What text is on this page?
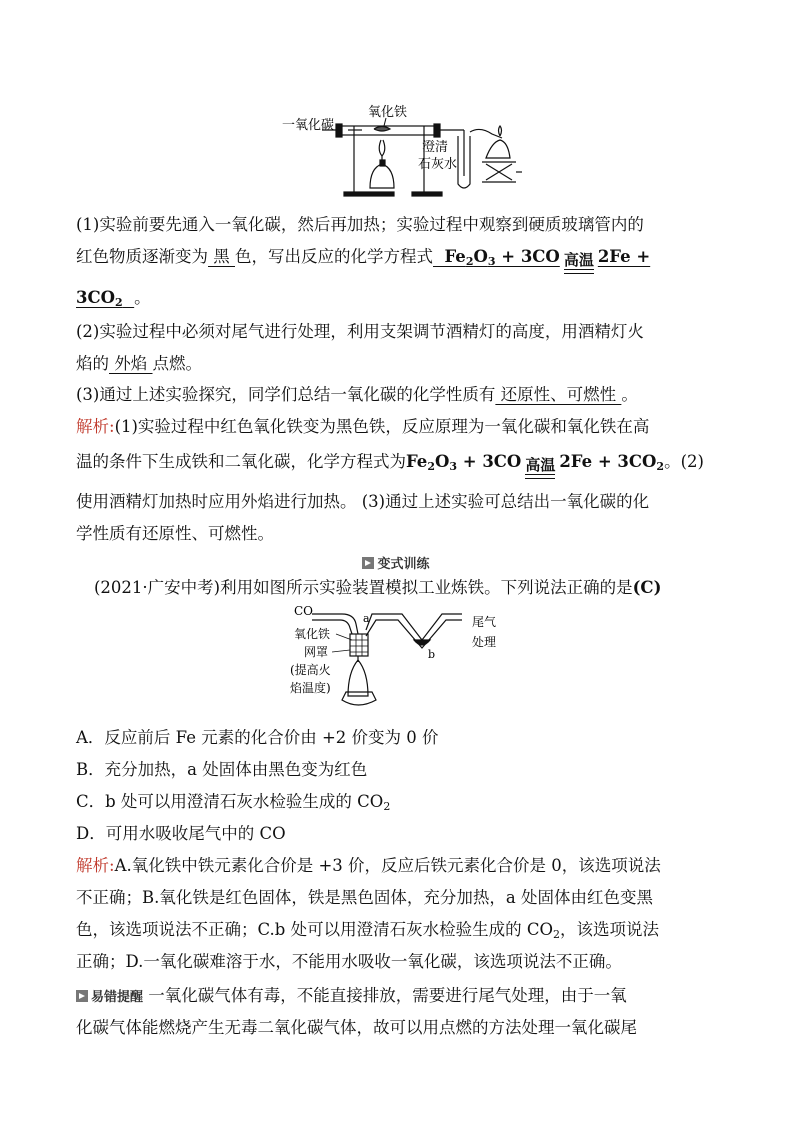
一氧化碳
氧化铁
澄清
石灰水
(1)实验前要先通入一氧化碳，然后再加热；实验过程中观察到硬质玻璃管内的
红色物质逐渐变为 黑 色，写出反应的化学方程式 $Fe_2O_3 + 3CO$ 高温 2Fe +
$3CO_2$ 。
(2)实验过程中必须对尾气进行处理，利用支架调节酒精灯的高度，用酒精灯火
焰的 外焰 点燃。
(3)通过上述实验探究，同学们总结一氧化碳的化学性质有 还原性、可燃性 。
解析:(1)实验过程中红色氧化铁变为黑色铁，反应原理为一氧化碳和氧化铁在高
温的条件下生成铁和二氧化碳，化学方程式为$Fe_2O_3 + 3CO$ 高温 $2Fe + 3CO_2$。(2)
使用酒精灯加热时应用外焰进行加热。 (3)通过上述实验可总结出一氧化碳的化
学性质有还原性、可燃性。
变式训练
(2021·广安中考)利用如图所示实验装置模拟工业炼铁。下列说法正确的是(C)
CO
a
氧化铁
网罩
(提高火
焰温度)
b
尾气
处理
A．反应前后 Fe 元素的化合价由 +2 价变为 0 价
B．充分加热，a 处固体由黑色变为红色
C．b 处可以用澄清石灰水检验生成的 $CO_2$
D．可用水吸收尾气中的 CO
解析:A.氧化铁中铁元素化合价是 +3 价，反应后铁元素化合价是 0，该选项说法
不正确；B.氧化铁是红色固体，铁是黑色固体，充分加热，a 处固体由红色变黑
色，该选项说法不正确；C.b 处可以用澄清石灰水检验生成的 $CO_2$，该选项说法
正确；D.一氧化碳难溶于水，不能用水吸收一氧化碳，该选项说法不正确。
易错提醒 一氧化碳气体有毒，不能直接排放，需要进行尾气处理，由于一氧
化碳气体能燃烧产生无毒二氧化碳气体，故可以用点燃的方法处理一氧化碳尾
